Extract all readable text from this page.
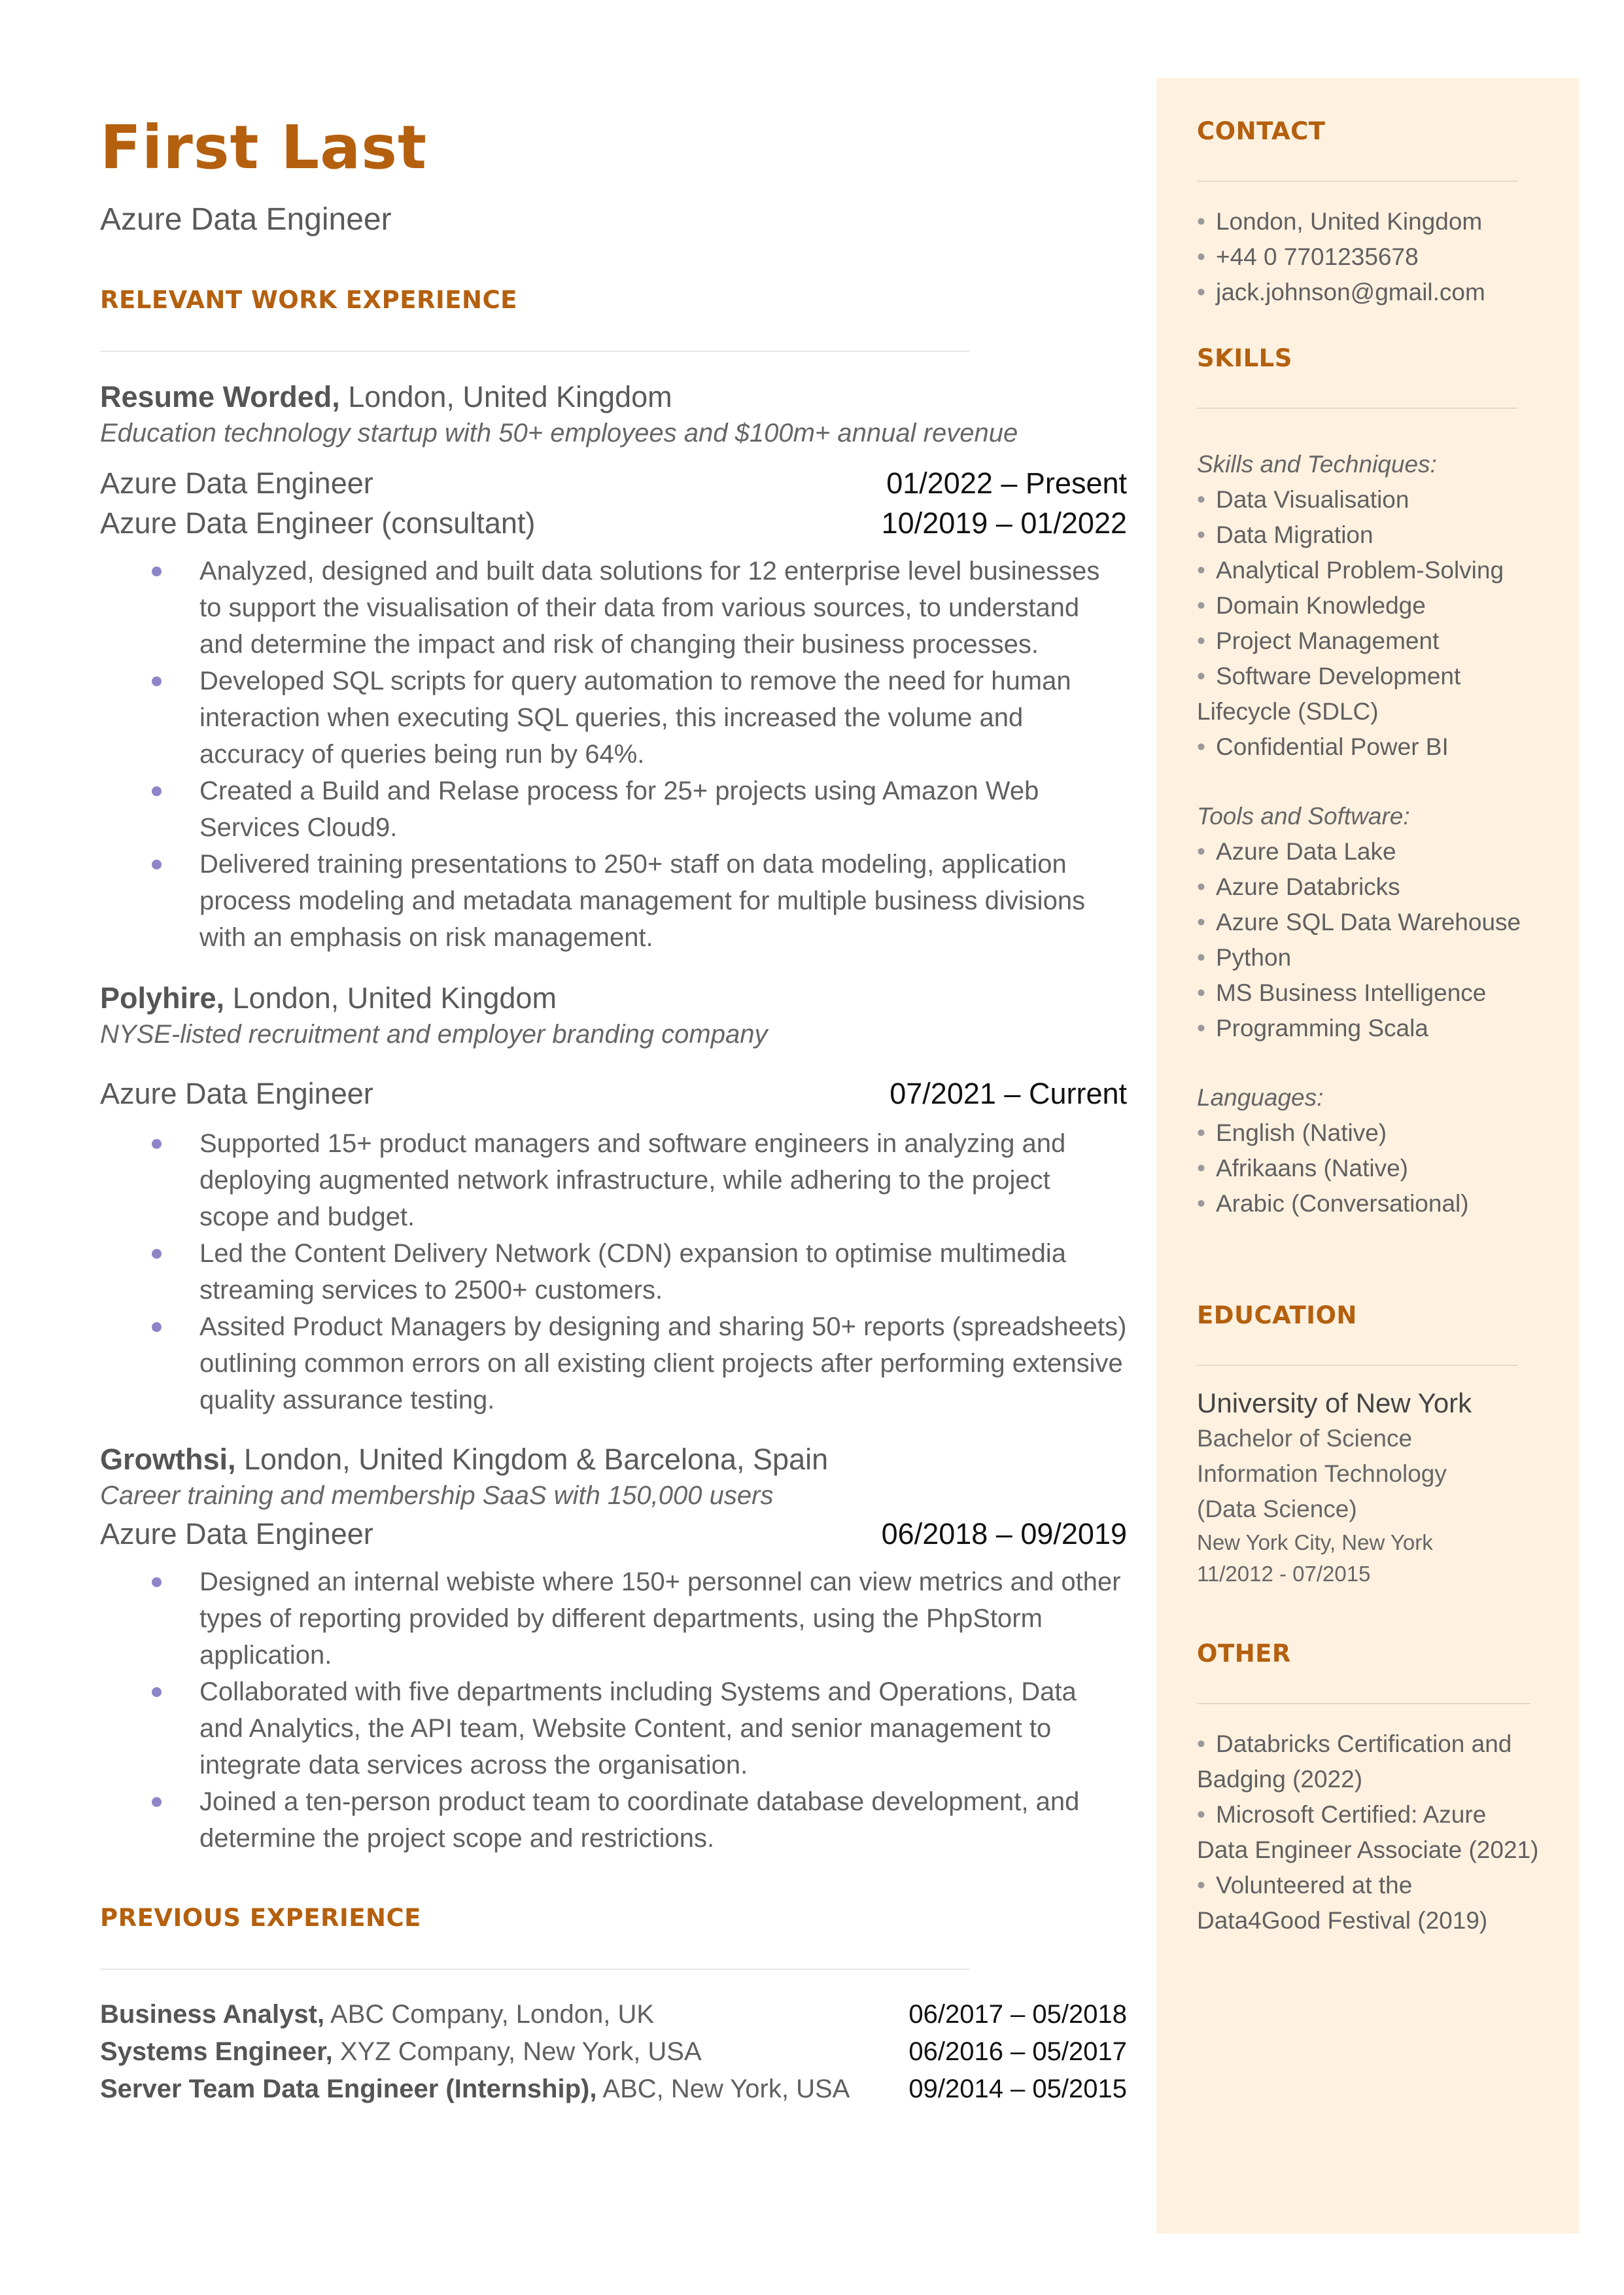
First Last
Azure Data Engineer
RELEVANT WORK EXPERIENCE
Resume Worded, London, United Kingdom
Education technology startup with 50+ employees and $100m+ annual revenue
Azure Data Engineer	01/2022 – Present
Azure Data Engineer (consultant)	10/2019 – 01/2022
Analyzed, designed and built data solutions for 12 enterprise level businesses to support the visualisation of their data from various sources, to understand and determine the impact and risk of changing their business processes.
Developed SQL scripts for query automation to remove the need for human interaction when executing SQL queries, this increased the volume and accuracy of queries being run by 64%.
Created a Build and Relase process for 25+ projects using Amazon Web Services Cloud9.
Delivered training presentations to 250+ staff on data modeling, application process modeling and metadata management for multiple business divisions with an emphasis on risk management.
Polyhire, London, United Kingdom
NYSE-listed recruitment and employer branding company
Azure Data Engineer	07/2021 – Current
Supported 15+ product managers and software engineers in analyzing and deploying augmented network infrastructure, while adhering to the project scope and budget.
Led the Content Delivery Network (CDN) expansion to optimise multimedia streaming services to 2500+ customers.
Assited Product Managers by designing and sharing 50+ reports (spreadsheets) outlining common errors on all existing client projects after performing extensive quality assurance testing.
Growthsi, London, United Kingdom & Barcelona, Spain
Career training and membership SaaS with 150,000 users
Azure Data Engineer	06/2018 – 09/2019
Designed an internal webiste where 150+ personnel can view metrics and other types of reporting provided by different departments, using the PhpStorm application.
Collaborated with five departments including Systems and Operations, Data and Analytics, the API team, Website Content, and senior management to integrate data services across the organisation.
Joined a ten-person product team to coordinate database development, and determine the project scope and restrictions.
PREVIOUS EXPERIENCE
Business Analyst, ABC Company, London, UK	06/2017 – 05/2018
Systems Engineer, XYZ Company, New York, USA	06/2016 – 05/2017
Server Team Data Engineer (Internship), ABC, New York, USA 09/2014 – 05/2015
CONTACT
• London, United Kingdom
• +44 0 7701235678
• jack.johnson@gmail.com
SKILLS
Skills and Techniques:
• Data Visualisation
• Data Migration
• Analytical Problem-Solving
• Domain Knowledge
• Project Management
• Software Development
Lifecycle (SDLC)
• Confidential Power BI
Tools and Software:
• Azure Data Lake
• Azure Databricks
• Azure SQL Data Warehouse
• Python
• MS Business Intelligence
• Programming Scala
Languages:
• English (Native)
• Afrikaans (Native)
• Arabic (Conversational)
EDUCATION
University of New York
Bachelor of Science
Information Technology
(Data Science)
New York City, New York
11/2012 - 07/2015
OTHER
• Databricks Certification and
Badging (2022)
• Microsoft Certified: Azure
Data Engineer Associate (2021)
• Volunteered at the
Data4Good Festival (2019)
